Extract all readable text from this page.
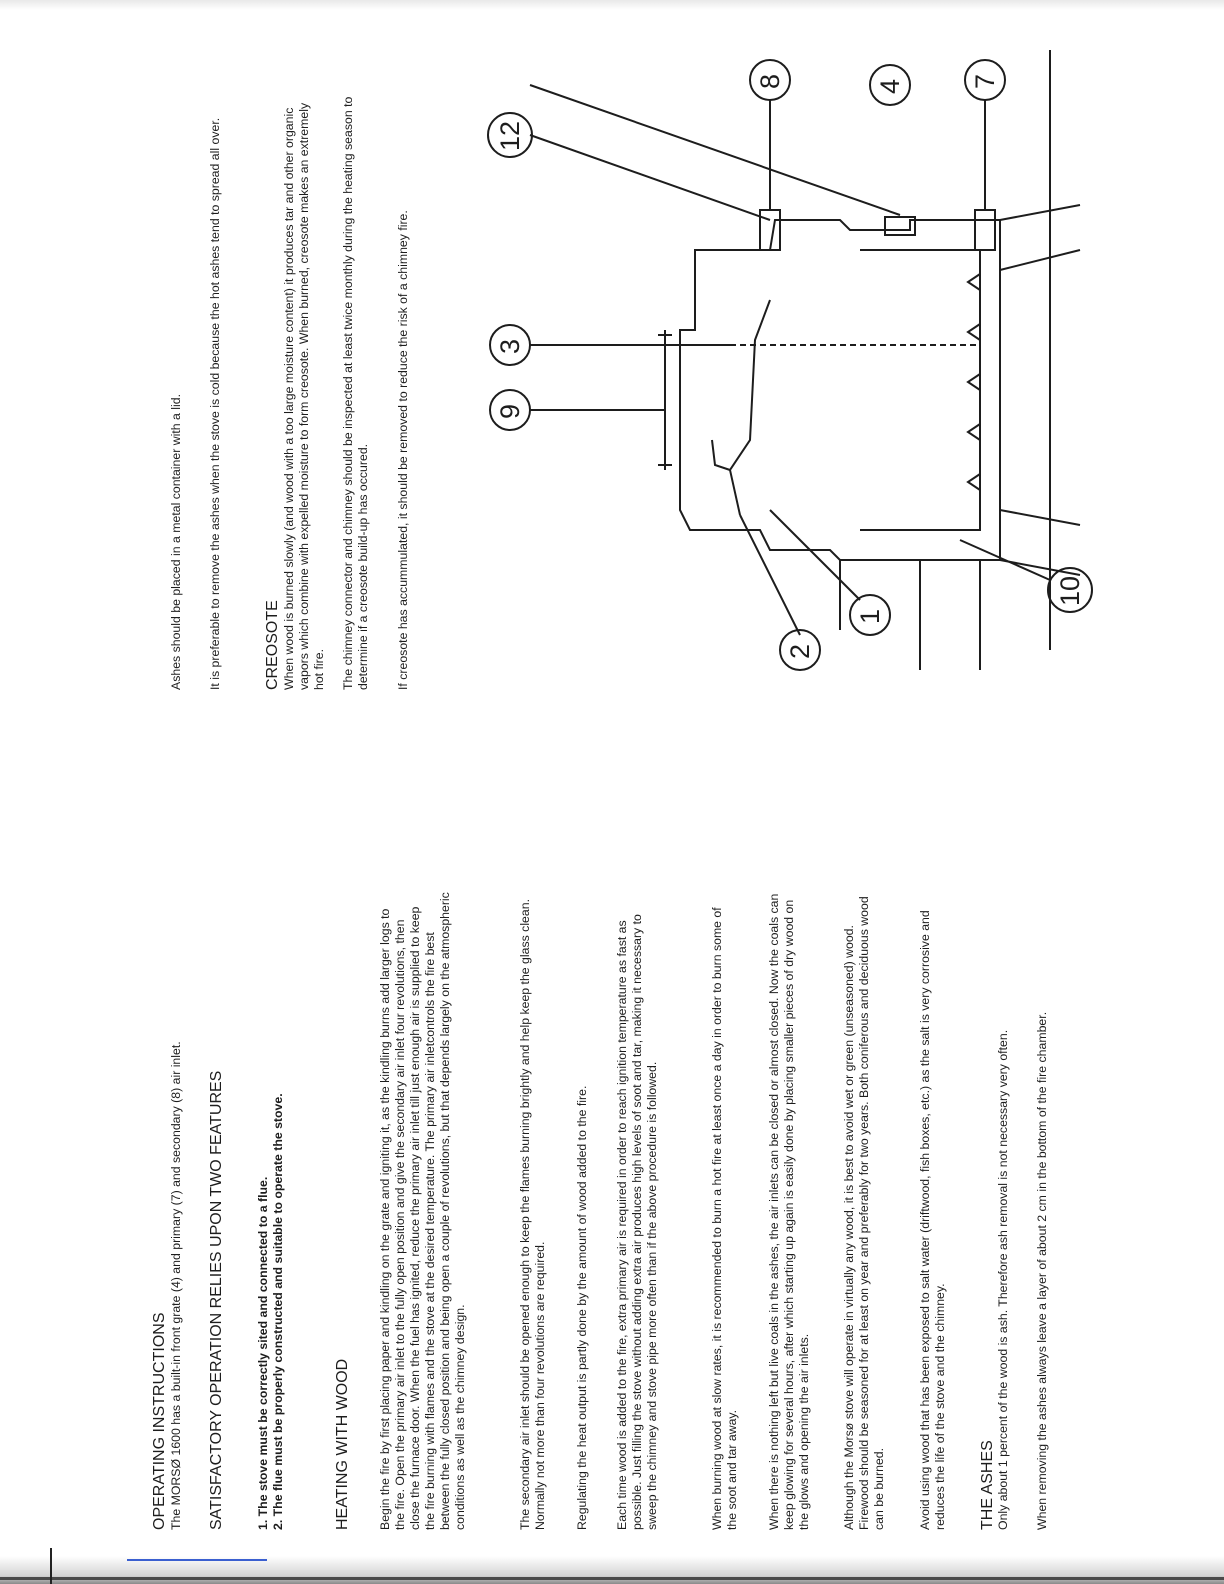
OPERATING INSTRUCTIONS The MORSØ 1600 has a built-in front grate (4) and primary (7) and secondary (8) air inlet. SATISFACTORY OPERATION RELIES UPON TWO FEATURES	1. The stove must be correctly sited and connected to a flue. 2. The flue must be properly constructed and suitable to operate the stove.	HEATING WITH WOOD Begin the fire by first placing paper and kindling on the grate and igniting it, as the kindling burns add larger logs to the fire. Open the primary air inlet to the fully open position and give the secondary air inlet four revolutions, then close the furnace door. When the fuel has ignited, reduce the primary air inlet till just enough air is supplied to keep the fire burning with flames and the stove at the desired temperature. The primary air inletcontrols the fire best between the fully closed position and being open a couple of revolutions, but that depends largely on the atmospheric conditions as well as the chimney design.	The secondary air inlet should be opened enough to keep the flames burning brightly and help keep the glass clean. Normally not more than four revolutions are required. Regulating the heat output is partly done by the amount of wood added to the fire. Each time wood is added to the fire, extra primary air is required in order to reach ignition temperature as fast as possible. Just filling the stove without adding extra air produces high levels of soot and tar, making it necessary to sweep the chimney and stove pipe more often than if the above procedure is followed.	When burning wood at slow rates, it is recommended to burn a hot fire at least once a day in order to burn some of the soot and tar away. When there is nothing left but live coals in the ashes, the air inlets can be closed or almost closed. Now the coals can keep glowing for several hours, after which starting up again is easily done by placing smaller pieces of dry wood on the glows and opening the air inlets.	Although the Morsø stove will operate in virtually any wood, it is best to avoid wet or green (unseasoned) wood. Firewood should be seasoned for at least on year and preferably for two years. Both coniferous and deciduous wood can be burned.	Avoid using wood that has been exposed to salt water (driftwood, fish boxes, etc.) as the salt is very corrosive and reduces the life of the stove and the chimney. THE ASHES Only about 1 percent of the wood is ash. Therefore ash removal is not necessary very often. When removing the ashes always leave a layer of about 2 cm in the bottom of the fire chamber.

Ashes should be placed in a metal container with a lid. It is preferable to remove the ashes when the stove is cold because the hot ashes tend to spread all over.	CREOSOTE When wood is burned slowly (and wood with a too large moisture content) it produces tar and other organic vapors which combine with expelled moisture to form creosote. When burned, creosote makes an extremely hot fire. The chimney connector and chimney should be inspected at least twice monthly during the heating season to determine if a creosote build-up has occured. If creosote has accummulated, it should be removed to reduce the risk of a chimney fire.	2
1
10
9
3
8
12
4 7
